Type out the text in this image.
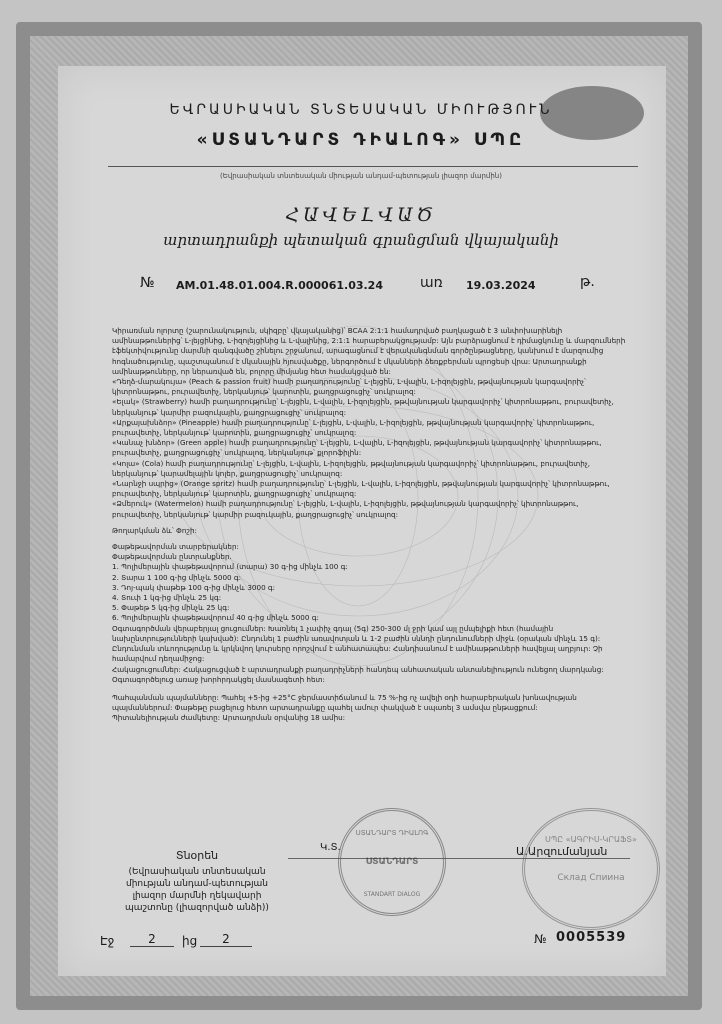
ԵՎՐԱՍԻԱԿԱՆ ՏՆՏԵՍԱԿԱՆ ՄԻՈՒԹՅՈՒՆ
«ՍՏԱՆԴԱՐՏ ԴԻԱԼՈԳ» ՍՊԸ
(Եվրասիական տնտեսական միության անդամ-պետության լիազոր մարմին)
ՀԱՎԵԼՎԱԾ
արտադրանքի պետական գրանցման վկայականի
№ AM.01.48.01.004.R.000061.03.24	առ 19.03.2024	թ.

Կիրառման ոլորտը (շարունակություն, սկիզբը՝ վկայականից)՝ BCAA 2:1:1 համադրված բաղկացած է 3 անփոխարինելի ամինաթթուներից՝ L-լեյցինից, L-իզոլեյցինից և L-վալինից, 2:1:1 հարաբերակցությամբ: Այն բարձրացնում է դիմացկունը և մարզումների էֆեկտիվությունը մարմնի զանգվածը շինելու շրջանում, արագացնում է վերականգնման գործընթացները, կանխում է մարզումից հոգնածությունը, պաշտպանում է մկանային հյուսվածքը, ներգործում է մկանների ձեռքբերման պրոցեսի վրա: Արտադրանքի ամինաթթուները, որ ներառված են, բոլորը միմյանց հետ համակցված են:

«Դեղձ-մարակույա» (Peach & passion fruit) համի բաղադրությունը՝ L-լեյցին, L-վալին, L-իզոլեյցին, թթվայնության կարգավորիչ՝ կիտրոնաթթու, բուրավետիչ, ներկանյութ՝ կարոտին, քաղցրացուցիչ՝ սուկրալոզ:

«Ելակ» (Strawberry) համի բաղադրությունը՝ L-լեյցին, L-վալին, L-իզոլեյցին, թթվայնության կարգավորիչ՝ կիտրոնաթթու, բուրավետիչ, ներկանյութ՝ կարմիր բազուկային, քաղցրացուցիչ՝ սուկրալոզ:

«Արքայախնձոր» (Pineapple) համի բաղադրությունը՝ L-լեյցին, L-վալին, L-իզոլեյցին, թթվայնության կարգավորիչ՝ կիտրոնաթթու, բուրավետիչ, ներկանյութ՝ կարոտին, քաղցրացուցիչ՝ սուկրալոզ:

«Կանաչ խնձոր» (Green apple) համի բաղադրությունը՝ L-լեյցին, L-վալին, L-իզոլեյցին, թթվայնության կարգավորիչ՝ կիտրոնաթթու, բուրավետիչ, քաղցրացուցիչ՝ սուկրալոզ, ներկանյութ՝ քլորոֆիլին:

«Կոլա» (Cola) համի բաղադրությունը՝ L-լեյցին, L-վալին, L-իզոլեյցին, թթվայնության կարգավորիչ՝ կիտրոնաթթու, բուրավետիչ, ներկանյութ՝ կարամելային կոլեր, քաղցրացուցիչ՝ սուկրալոզ:

«Նարնջի սպրից» (Orange spritz) համի բաղադրությունը՝ L-լեյցին, L-վալին, L-իզոլեյցին, թթվայնության կարգավորիչ՝ կիտրոնաթթու, բուրավետիչ, ներկանյութ՝ կարոտին, քաղցրացուցիչ՝ սուկրալոզ:

«Ձմերուկ» (Watermelon) համի բաղադրությունը՝ L-լեյցին, L-վալին, L-իզոլեյցին, թթվայնության կարգավորիչ՝ կիտրոնաթթու, բուրավետիչ, ներկանյութ՝ կարմիր բազուկային, քաղցրացուցիչ՝ սուկրալոզ:

Թողարկման ձև՝ Փոշի:

Փաթեթավորման տարբերակներ:

Փաթեթավորման ընտրանքներ.

1. Պոլիմերային փաթեթավորում (տարա) 30 գ-ից մինչև 100 գ:

2. Տարա 1 100 գ-ից մինչև 5000 գ:

3. Դոյ-պակ փաթեթ 100 գ-ից մինչև 3000 գ:

4. Տուփ 1 կգ-ից մինչև 25 կգ:

5. Փաթեթ 5 կգ-ից մինչև 25 կգ:

6. Պոլիմերային փաթեթավորում 40 գ-ից մինչև 5000 գ:

Օգտագործման վերաբերյալ ցուցումներ: Խառնել 1 չափիչ գդալ (5գ) 250-300 մլ ջրի կամ այլ ըմպելիքի հետ (համային նախընտրությունների կախված): Ընդունել 1 բաժին առավոտյան և 1-2 բաժին սննդի ընդունումների միջև (օրական մինչև 15 գ): Ընդունման տևողությունը և կրկնվող կուրսերը որոշվում է անհատապես: Հանդիսանում է ամինաթթուների հավելյալ աղբյուր: Չի համարվում դեղամիջոց:

Հակացուցումներ: Հակացուցված է արտադրանքի բաղադրիչների հանդեպ անհատական անտանելիություն ունեցող մարդկանց: Օգտագործելուց առաջ խորհրդակցել մասնագետի հետ:

Պահպանման պայմանները: Պահել +5-ից +25°C ջերմաստիճանում և 75 %-ից ոչ ավելի օդի հարաբերական խոնավության պայմաններում: Փաթեթը բացելուց հետո արտադրանքը պահել ամուր փակված է սպառել 3 ամսվա ընթացքում:

Պիտանելիության ժամկետը: Արտադրման օրվանից 18 ամիս:

Տնօրեն
(Եվրասիական տնտեսական միության անդամ-պետության լիազոր մարմնի ղեկավարի պաշտոնը (լիազորված անձի))
Կ.Տ.	Ա.Արզումանյան
ՍՏԱՆԴԱՐՏ ԴԻԱԼՈԳ
ՍՏԱՆԴԱՐՏ
STANDART DIALOG
ՍՊԸ «ԱԳՐԻՍ-ԿՐԱՖՏ»
Склад Спиина
Էջ	2	ից	2	№ 0005539
